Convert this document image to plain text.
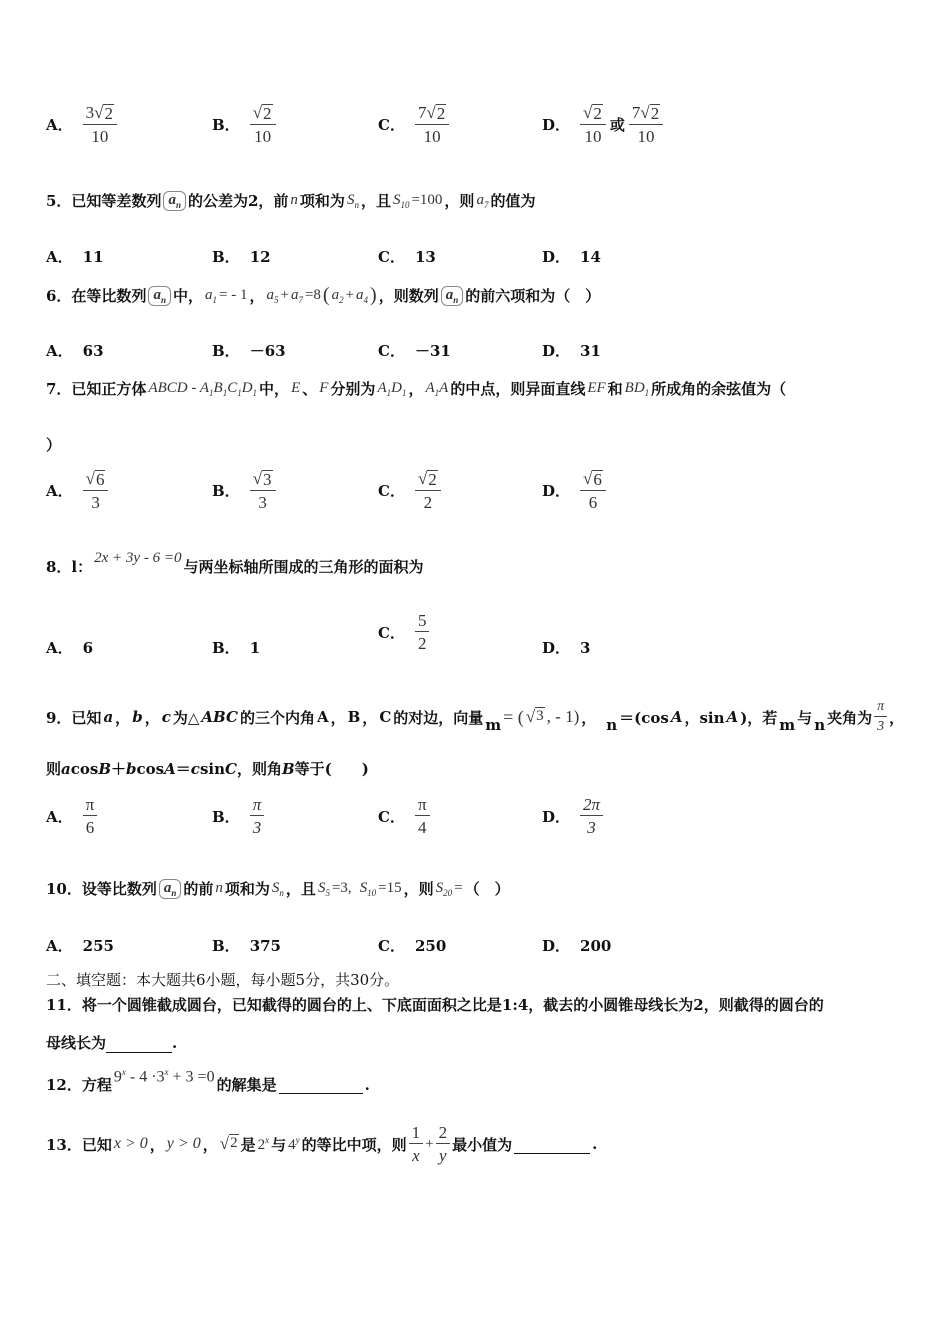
A． $\frac{3 √ 2}{10}$	B． $\frac{√ 2}{10}$	C． $\frac{7 √ 2}{10}$	D． $\frac{√ 2}{10}$ 或 $\frac{7 √ 2}{10}$
5．已知等差数列 $a_n$ 的公差为2，前 n 项和为 $S_n$ ，且 $S_{10} =100$ ，则 $a_7$ 的值为
A． 11	B． 12	C． 13	D． 14
6．在等比数列 $a_n$ 中， $a_1$ = - 1 ， $a_5 + a_7 =8$ ( $a_2 + a_4$ ) ，则数列 $a_n$ 的前六项和为（　）
A． 63	B． －63	C． －31	D． 31
7．已知正方体 ABCD - $A_1B_1C_1D_1$ 中， E 、 F 分别为 $A_1D_1$ ， $A_1A$ 的中点，则异面直线 EF 和 $BD_1$ 所成角的余弦值为（
）
A． $\frac{√ 6}{3}$	B． $\frac{√ 3}{3}$	C． $\frac{√ 2}{2}$	D． $\frac{√ 6}{6}$
8．l： 2x + 3y - 6 =0 与两坐标轴所围成的三角形的面积为
A． 6	B． 1
C． $\frac{5}{2}$	D． 3
9．已知 a ， b ， c 为△ ABC 的三个内角 A ， B ， C 的对边，向量 m = ( √ 3 , - 1) ， n ＝(cos A ，sin A )，若 m 与 n 夹角为 $\frac{\pi}{3}$ ，
则acosB＋bcosA＝csinC，则角B等于(　　)
A． $\frac{\pi}{6}$	B． $\frac{\pi}{3}$	C． $\frac{\pi}{4}$	D． $\frac{2\pi}{3}$
10．设等比数列 $a_n$ 的前 n 项和为 $S_n$ ，且 $S_5 =3$, $S_{10} =15$ ，则 $S_{20}$ = （　）
A． 255	B． 375	C． 250	D． 200
二、填空题：本大题共6小题，每小题5分，共30分。
11．将一个圆锥截成圆台，已知截得的圆台的上、下底面面积之比是1:4，截去的小圆锥母线长为2，则截得的圆台的
母线长为	.
12．方程 $9^x - 4 \cdot 3^x + 3 =0$ 的解集是
	.
13．已知 x > 0 ， y > 0 ， √ 2 是 2$^x$ 与 4$^y$ 的等比中项，则 $\frac{1}{x} + \frac{2}{y}$ 最小值为
	.
